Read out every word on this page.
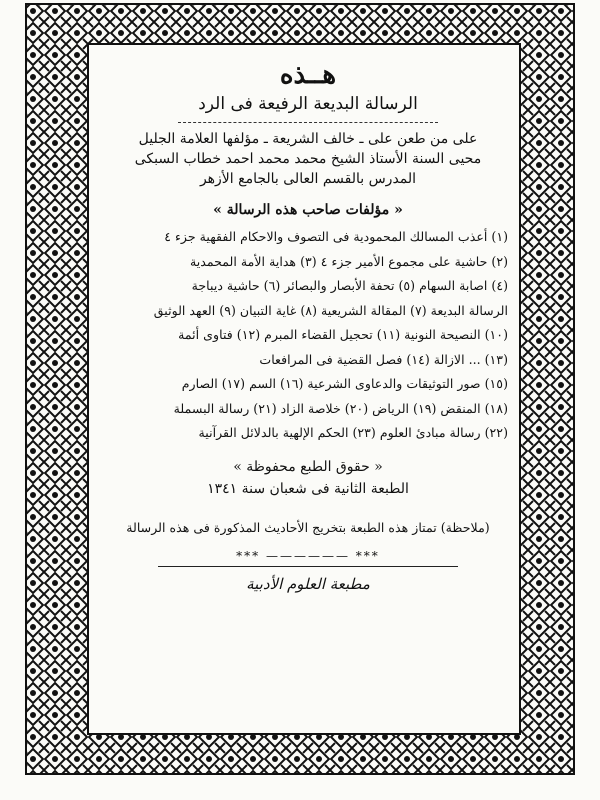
هــذه
الرسالة البديعة الرفيعة فى الرد
على من طعن على ـ خالف الشريعة ـ مؤلفها العلامة الجليل
محيى السنة الأستاذ الشيخ محمد محمد احمد خطاب السبكى
المدرس بالقسم العالى بالجامع الأزهر
« مؤلفات صاحب هذه الرسالة »
(١) أعذب المسالك المحمودية فى التصوف والاحكام الفقهية جزء ٤
(٢) حاشية على مجموع الأمير جزء ٤ (٣) هداية الأمة المحمدية
(٤) اصابة السهام (٥) تحفة الأبصار والبصائر (٦) حاشية ديباجة
الرسالة البديعة (٧) المقالة الشريعية (٨) غاية التبيان (٩) العهد الوثيق
(١٠) النصيحة النونية (١١) تحجيل القضاء المبرم (١٢) فتاوى أئمة
(١٣) ... الازالة (١٤) فصل القضية فى المرافعات
(١٥) صور التوثيقات والدعاوى الشرعية (١٦) السم (١٧) الصارم
(١٨) المنقض (١٩) الرياض (٢٠) خلاصة الزاد (٢١) رسالة البسملة
(٢٢) رسالة مبادئ العلوم (٢٣) الحكم الإلهية بالدلائل القرآنية
« حقوق الطبع محفوظة »
الطبعة الثانية فى شعبان سنة ١٣٤١
(ملاحظة) تمتاز هذه الطبعة بتخريج الأحاديث المذكورة فى هذه الرسالة
*** —————— ***
مطبعة العلوم الأدبية
